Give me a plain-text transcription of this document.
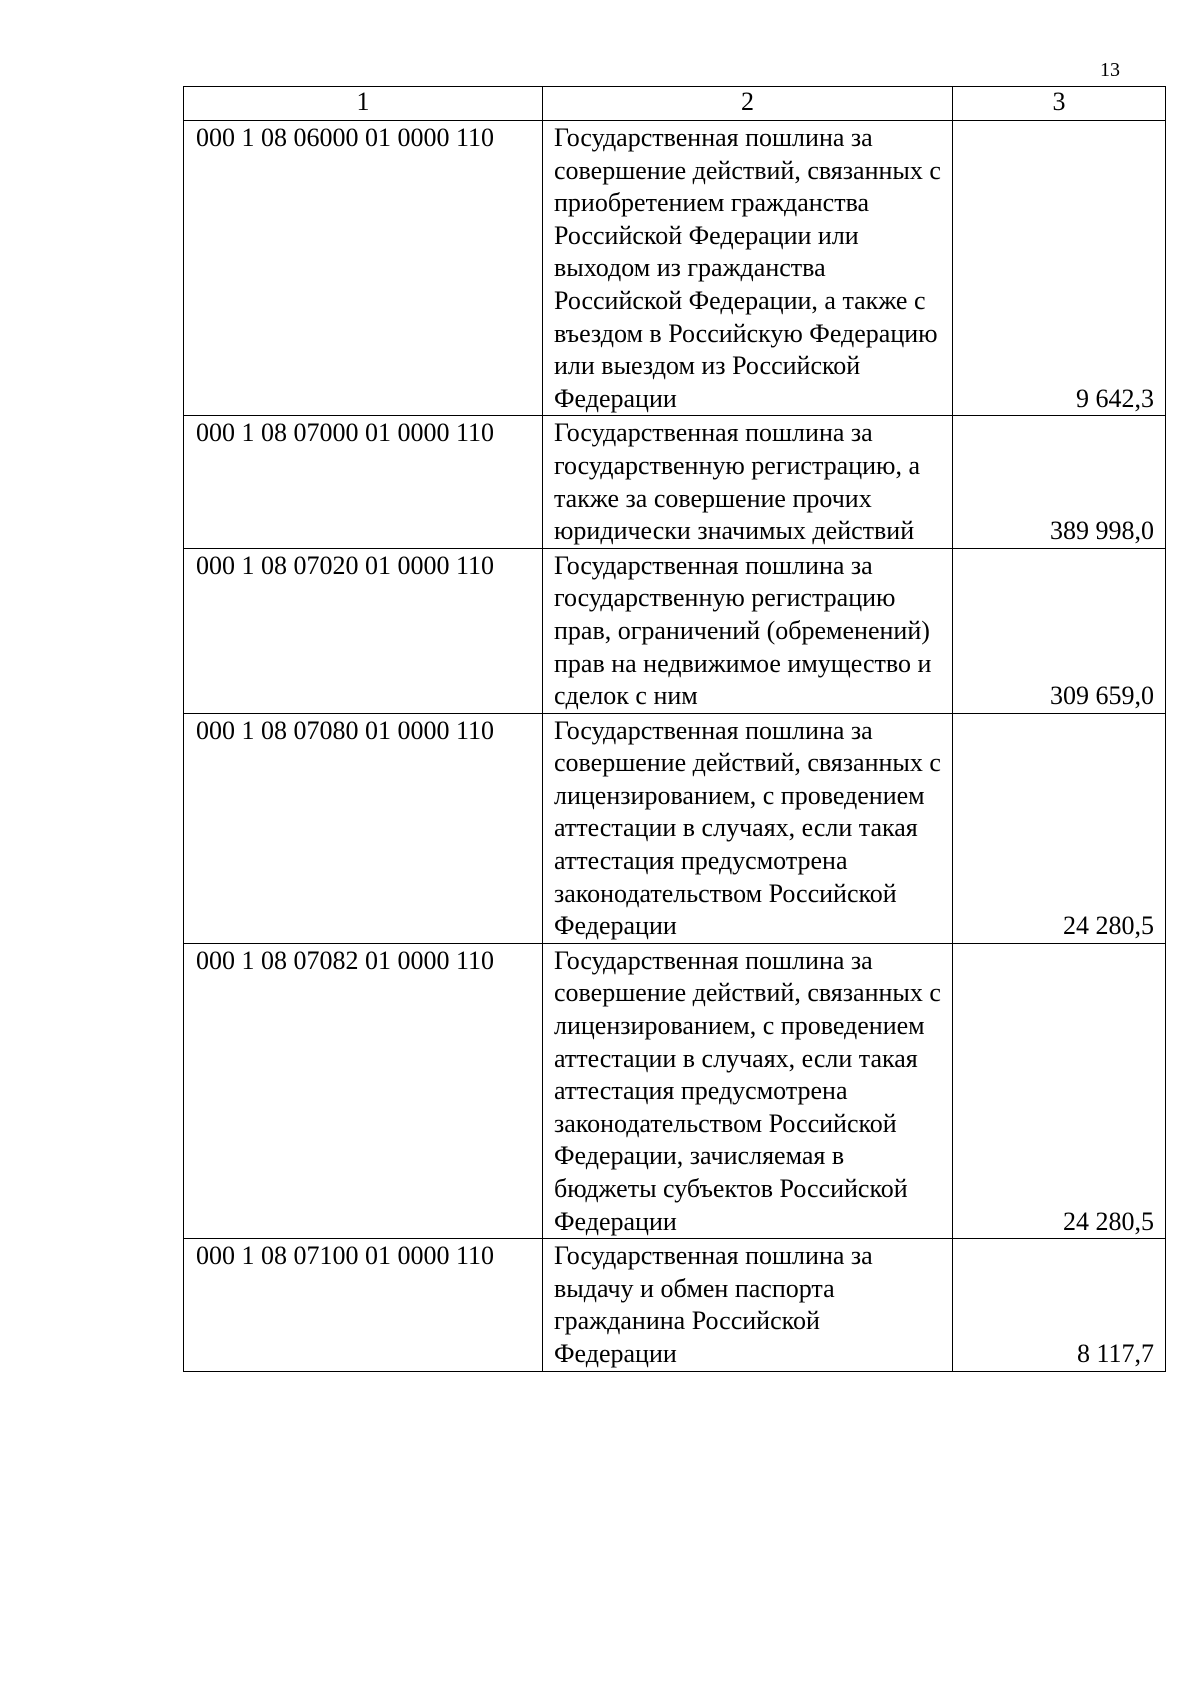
13
1	2	3
000 1 08 06000 01 0000 110	Государственная пошлина за совершение действий, связанных с приобретением гражданства Российской Федерации или выходом из гражданства Российской Федерации, а также с въездом в Российскую Федерацию или выездом из Российской Федерации	9 642,3
000 1 08 07000 01 0000 110	Государственная пошлина за государственную регистрацию, а также за совершение прочих юридически значимых действий	389 998,0
000 1 08 07020 01 0000 110	Государственная пошлина за государственную регистрацию прав, ограничений (обременений) прав на недвижимое имущество и сделок с ним	309 659,0
000 1 08 07080 01 0000 110	Государственная пошлина за совершение действий, связанных с лицензированием, с проведением аттестации в случаях, если такая аттестация предусмотрена законодательством Российской Федерации	24 280,5
000 1 08 07082 01 0000 110	Государственная пошлина за совершение действий, связанных с лицензированием, с проведением аттестации в случаях, если такая аттестация предусмотрена законодательством Российской Федерации, зачисляемая в бюджеты субъектов Российской Федерации	24 280,5
000 1 08 07100 01 0000 110	Государственная пошлина за выдачу и обмен паспорта гражданина Российской Федерации	8 117,7
